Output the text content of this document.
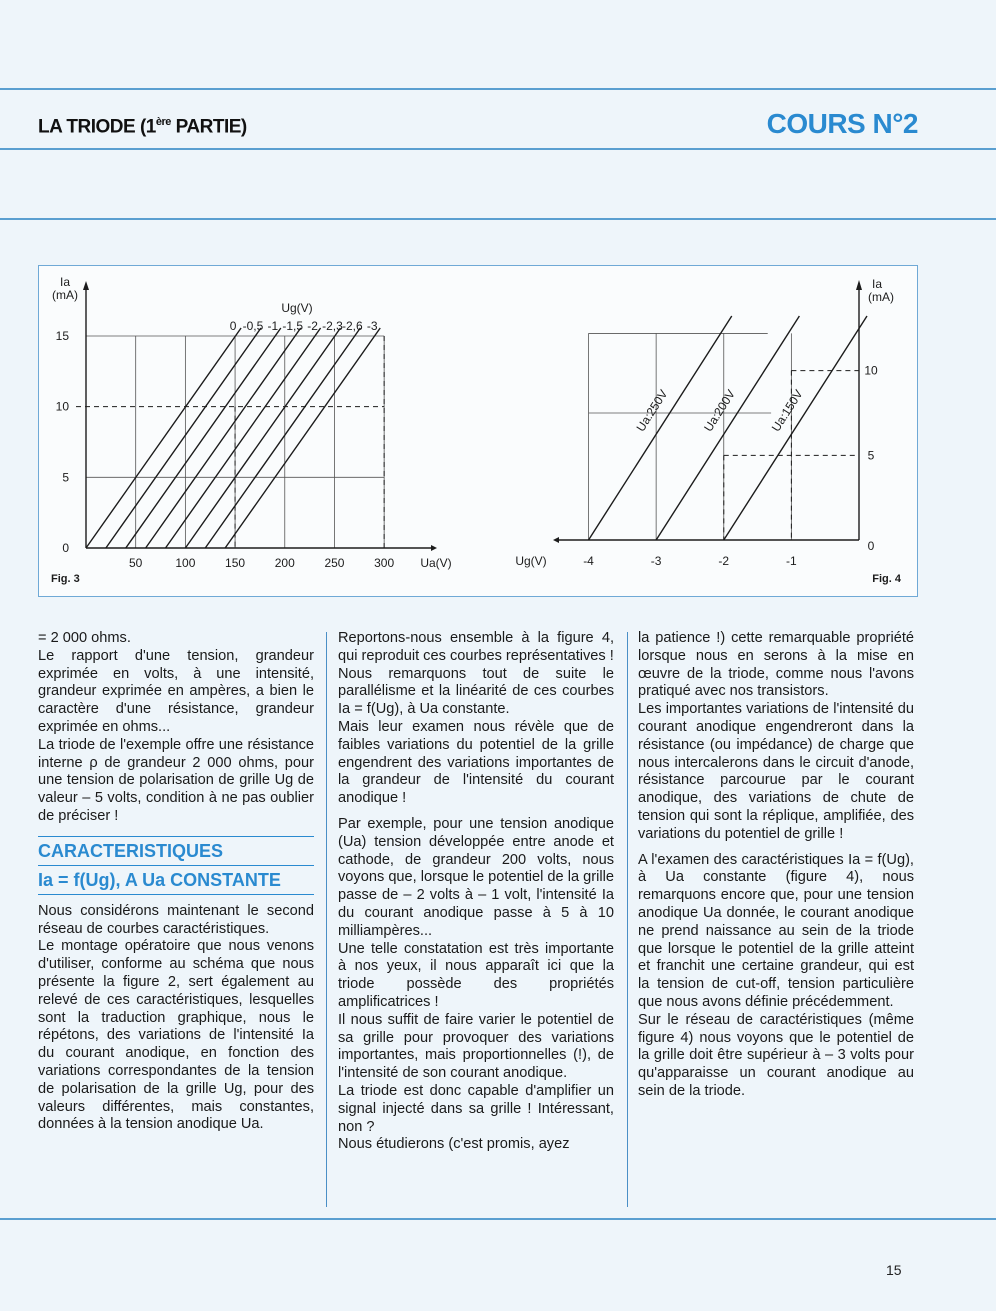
LA TRIODE (1ère PARTIE)	COURS N°2
0 -0,5 -1 -1,5 -2 -2,3 -2,6 -3
Ug(V)
50	100 150 200 250 300
0
5
10
15
Ua(V)
Ia
(mA)
Fig. 3
Ua:250V	Ua:200V	Ua:150V
-4	-3	-2	-1
0
5
10
Ug(V)
Ia
(mA)
Fig. 4

= 2 000 ohms.

Le rapport d'une tension, grandeur exprimée en volts, à une intensité, grandeur exprimée en ampères, a bien le caractère d'une résistance, grandeur exprimée en ohms...

La triode de l'exemple offre une résistance interne ρ de grandeur 2 000 ohms, pour une tension de polarisation de grille Ug de valeur – 5 volts, condition à ne pas oublier de préciser !

CARACTERISTIQUES
Ia = f(Ug), A Ua CONSTANTE

Nous considérons maintenant le second réseau de courbes caractéristiques.

Le montage opératoire que nous venons d'utiliser, conforme au schéma que nous présente la figure 2, sert également au relevé de ces caractéristiques, lesquelles sont la traduction graphique, nous le répétons, des variations de l'intensité Ia du courant anodique, en fonction des variations correspondantes de la tension de polarisation de la grille Ug, pour des valeurs différentes, mais constantes, données à la tension anodique Ua.

Reportons-nous ensemble à la figure 4, qui reproduit ces courbes représentatives !

Nous remarquons tout de suite le parallélisme et la linéarité de ces courbes Ia = f(Ug), à Ua constante.

Mais leur examen nous révèle que de faibles variations du potentiel de la grille engendrent des variations importantes de la grandeur de l'intensité du courant anodique !

Par exemple, pour une tension anodique (Ua) tension développée entre anode et cathode, de grandeur 200 volts, nous voyons que, lorsque le potentiel de la grille passe de – 2 volts à – 1 volt, l'intensité Ia du courant anodique passe à 5 à 10 milliampères...

Une telle constatation est très importante à nos yeux, il nous apparaît ici que la triode possède des propriétés amplificatrices !

Il nous suffit de faire varier le potentiel de sa grille pour provoquer des variations importantes, mais proportionnelles (!), de l'intensité de son courant anodique.

La triode est donc capable d'amplifier un signal injecté dans sa grille ! Intéressant, non ?

Nous étudierons (c'est promis, ayez

la patience !) cette remarquable propriété lorsque nous en serons à la mise en œuvre de la triode, comme nous l'avons pratiqué avec nos transistors.

Les importantes variations de l'intensité du courant anodique engendreront dans la résistance (ou impédance) de charge que nous intercalerons dans le circuit d'anode, résistance parcourue par le courant anodique, des variations de chute de tension qui sont la réplique, amplifiée, des variations du potentiel de grille !

A l'examen des caractéristiques Ia = f(Ug), à Ua constante (figure 4), nous remarquons encore que, pour une tension anodique Ua donnée, le courant anodique ne prend naissance au sein de la triode que lorsque le potentiel de la grille atteint et franchit une certaine grandeur, qui est la tension de cut-off, tension particulière que nous avons définie précédemment.

Sur le réseau de caractéristiques (même figure 4) nous voyons que le potentiel de la grille doit être supérieur à – 3 volts pour qu'apparaisse un courant anodique au sein de la triode.

15
